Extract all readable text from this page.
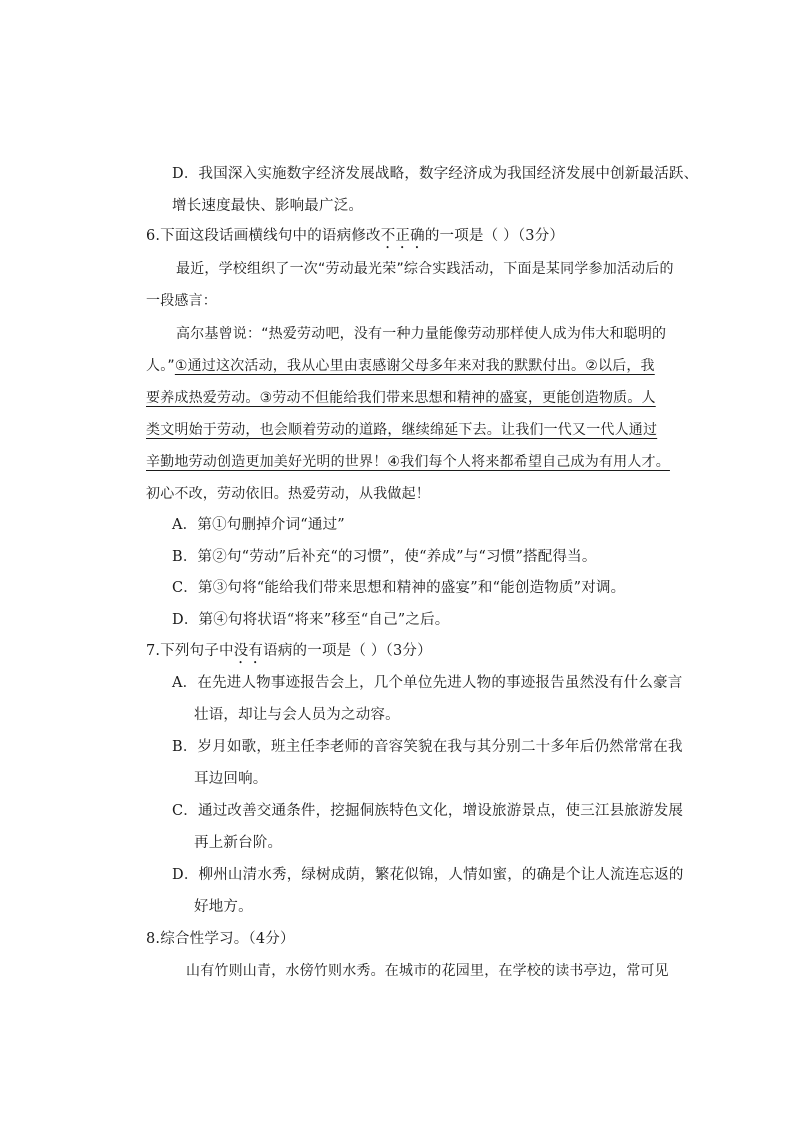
D．我国深入实施数字经济发展战略，数字经济成为我国经济发展中创新最活跃、
增长速度最快、影响最广泛。
6.下面这段话画横线句中的语病修改不正确的一项是（ ）（3分）
最近，学校组织了一次“劳动最光荣”综合实践活动，下面是某同学参加活动后的
一段感言：
高尔基曾说：“热爱劳动吧，没有一种力量能像劳动那样使人成为伟大和聪明的
人。”①通过这次活动，我从心里由衷感谢父母多年来对我的默默付出。②以后，我
要养成热爱劳动。③劳动不但能给我们带来思想和精神的盛宴，更能创造物质。人
类文明始于劳动，也会顺着劳动的道路，继续绵延下去。让我们一代又一代人通过
辛勤地劳动创造更加美好光明的世界！④我们每个人将来都希望自己成为有用人才。
初心不改，劳动依旧。热爱劳动，从我做起！
A．第①句删掉介词“通过”
B．第②句“劳动”后补充“的习惯”，使“养成”与“习惯”搭配得当。
C．第③句将“能给我们带来思想和精神的盛宴”和“能创造物质”对调。
D．第④句将状语“将来”移至“自己”之后。
7.下列句子中没有语病的一项是（ ）（3分）
A．在先进人物事迹报告会上，几个单位先进人物的事迹报告虽然没有什么豪言
壮语，却让与会人员为之动容。
B．岁月如歌，班主任李老师的音容笑貌在我与其分别二十多年后仍然常常在我
耳边回响。
C．通过改善交通条件，挖掘侗族特色文化，增设旅游景点，使三江县旅游发展
再上新台阶。
D．柳州山清水秀，绿树成荫，繁花似锦，人情如蜜，的确是个让人流连忘返的
好地方。
8.综合性学习。（4分）
山有竹则山青，水傍竹则水秀。在城市的花园里，在学校的读书亭边，常可见
